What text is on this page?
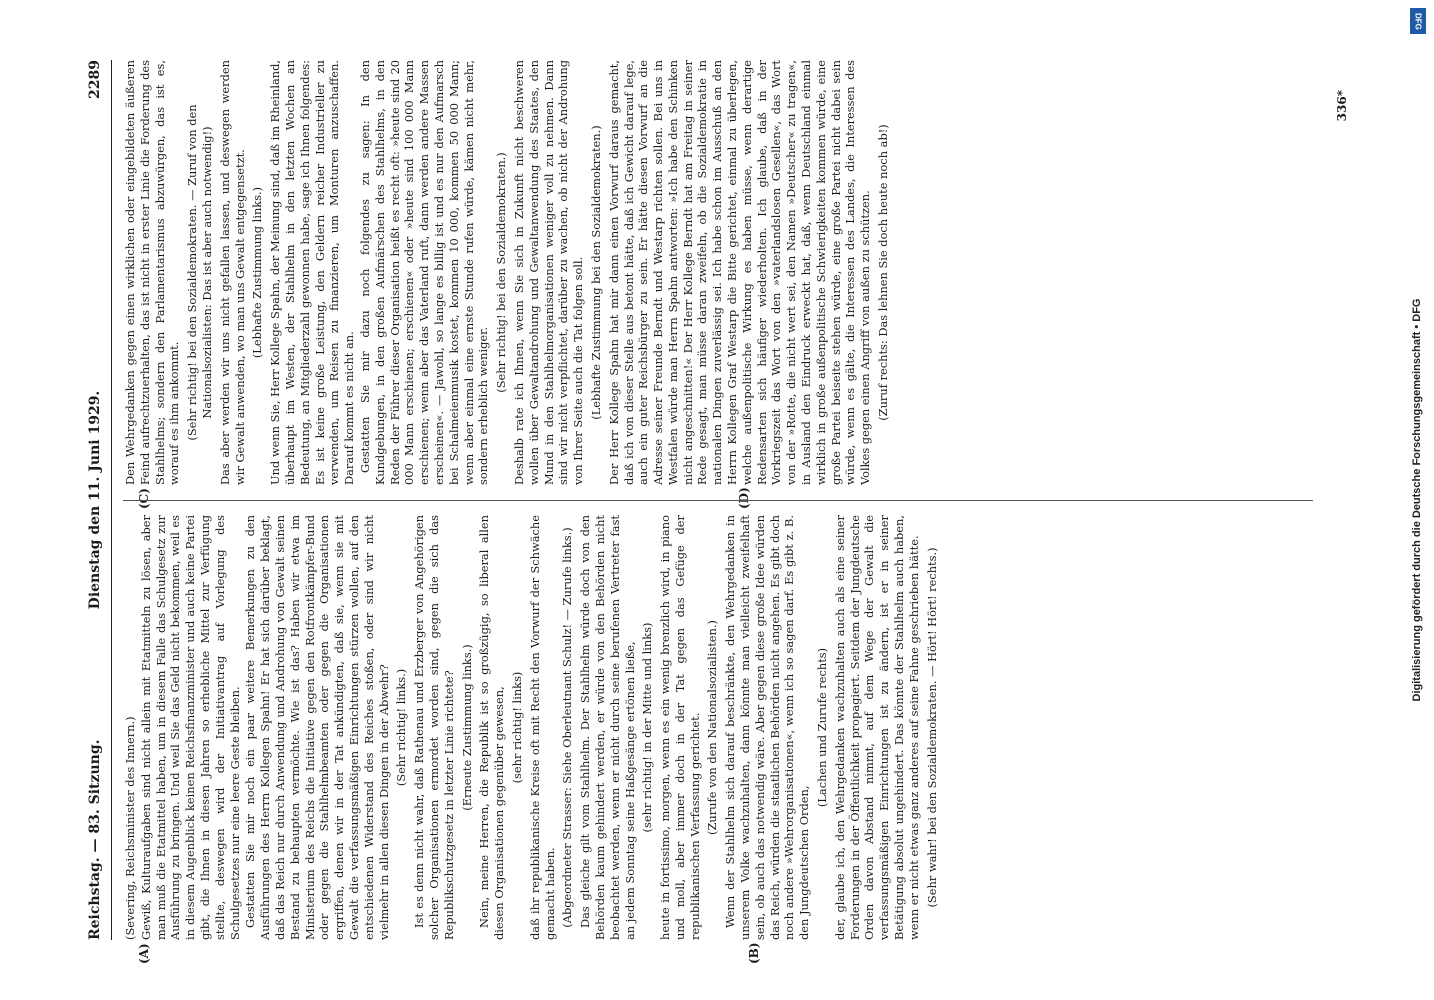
Reichstag. — 83. Sitzung.
Dienstag den 11. Juni 1929.
2289
(A)	(B)
(C)	(D)

(Severing, Reichsminister des Innern.) Gewiß, Kulturaufgaben sind nicht allein mit Etatmitteln zu lösen, aber man muß die Etatmittel haben, um in diesem Falle das Schulgesetz zur Ausführung zu bringen. Und weil Sie das Geld nicht bekommen, weil es in diesem Augenblick keinen Reichsfinanzminister und auch keine Partei gibt, die Ihnen in diesen Jahren so erhebliche Mittel zur Verfügung stellte, deswegen wird der Initiativantrag auf Vorlegung des Schulgesetzes nur eine leere Geste bleiben. Gestatten Sie mir noch ein paar weitere Bemerkungen zu den Ausführungen des Herrn Kollegen Spahn! Er hat sich darüber beklagt, daß das Reich nur durch Anwendung und Androhung von Gewalt seinen Bestand zu behaupten vermöchte. Wie ist das? Haben wir etwa im Ministerium des Reichs die Initiative gegen den Rotfrontkämpfer-Bund oder gegen die Stahlhelmbeamten oder gegen die Organisationen ergriffen, denen wir in der Tat ankündigten, daß sie, wenn sie mit Gewalt die verfassungsmäßigen Einrichtungen stürzen wollen, auf den entschiedenen Widerstand des Reiches stoßen, oder sind wir nicht vielmehr in allen diesen Dingen in der Abwehr? (Sehr richtig! links.) Ist es denn nicht wahr, daß Rathenau und Erzberger von Angehörigen solcher Organisationen ermordet worden sind, gegen die sich das Republikschutzgesetz in letzter Linie richtete? (Erneute Zustimmung links.) Nein, meine Herren, die Republik ist so großzügig, so liberal allen diesen Organisationen gegenüber gewesen, (sehr richtig! links) daß ihr republikanische Kreise oft mit Recht den Vorwurf der Schwäche gemacht haben. (Abgeordneter Strasser: Siehe Oberleutnant Schulz! — Zurufe links.) Das gleiche gilt vom Stahlhelm. Der Stahlhelm würde doch von den Behörden kaum gehindert werden, er würde von den Behörden nicht beobachtet werden, wenn er nicht durch seine berufenen Vertreter fast an jedem Sonntag seine Haßgesänge ertönen ließe, (sehr richtig! in der Mitte und links) heute in fortissimo, morgen, wenn es ein wenig brenzlich wird, in piano und moll, aber immer doch in der Tat gegen das Gefüge der republikanischen Verfassung gerichtet. (Zurufe von den Nationalsozialisten.) Wenn der Stahlhelm sich darauf beschränkte, den Wehrgedanken in unserem Volke wachzuhalten, dann könnte man vielleicht zweifelhaft sein, ob auch das notwendig wäre. Aber gegen diese große Idee würden das Reich, würden die staatlichen Behörden nicht angehen. Es gibt doch noch andere »Wehrorganisationen«, wenn ich so sagen darf. Es gibt z. B. den Jungdeutschen Orden,

(Lachen und Zurufe rechts) der, glaube ich, den Wehrgedanken wachzuhalten auch als eine seiner Forderungen in der Öffentlichkeit propagiert. Seitdem der Jungdeutsche Orden davon Abstand nimmt, auf dem Wege der Gewalt die verfassungsmäßigen Einrichtungen ist zu ändern, ist er in seiner Betätigung absolut ungehindert. Das könnte der Stahlhelm auch haben, wenn er nicht etwas ganz anderes auf seine Fahne geschrieben hätte. (Sehr wahr! bei den Sozialdemokraten. — Hört! Hört! rechts.)

Den Wehrgedanken gegen einen wirklichen oder eingebildeten äußeren Feind aufrechtzuerhalten, das ist nicht in erster Linie die Forderung des Stahlhelms; sondern den Parlamentarismus abzuwürgen, das ist es, worauf es ihm ankommt. (Sehr richtig! bei den Sozialdemokraten. — Zuruf von den Nationalsozialisten: Das ist aber auch notwendig!) Das aber werden wir uns nicht gefallen lassen, und deswegen werden wir Gewalt anwenden, wo man uns Gewalt entgegensetzt. (Lebhafte Zustimmung links.) Und wenn Sie, Herr Kollege Spahn, der Meinung sind, daß im Rheinland, überhaupt im Westen, der Stahlhelm in den letzten Wochen an Bedeutung, an Mitgliederzahl gewonnen habe, sage ich Ihnen folgendes: Es ist keine große Leistung, den Geldern reicher Industrieller zu verwenden, um Reisen zu finanzieren, um Monturen anzuschaffen. Darauf kommt es nicht an. Gestatten Sie mir dazu noch folgendes zu sagen: In den Kundgebungen, in den großen Aufmärschen des Stahlhelms, in den Reden der Führer dieser Organisation heißt es recht oft: »heute sind 20 000 Mann erschienen; erschienen« oder »heute sind 100 000 Mann erschienen; wenn aber das Vaterland ruft, dann werden andere Massen erscheinen«. — Jawohl, so lange es billig ist und es nur den Aufmarsch bei Schalmeienmusik kostet, kommen 10 000, kommen 50 000 Mann; wenn aber einmal eine ernste Stunde rufen würde, kämen nicht mehr, sondern erheblich weniger.

(Sehr richtig! bei den Sozialdemokraten.) Deshalb rate ich Ihnen, wenn Sie sich in Zukunft nicht beschweren wollen über Gewaltandrohung und Gewaltanwendung des Staates, den Mund in den Stahlhelmorganisationen weniger voll zu nehmen. Dann sind wir nicht verpflichtet, darüber zu wachen, ob nicht der Androhung von Ihrer Seite auch die Tat folgen soll. (Lebhafte Zustimmung bei den Sozialdemokraten.) Der Herr Kollege Spahn hat mir dann einen Vorwurf daraus gemacht, daß ich von dieser Stelle aus betont hätte, daß ich Gewicht darauf lege, auch ein guter Reichsbürger zu sein. Er hätte diesen Vorwurf an die Adresse seiner Freunde Berndt und Westarp richten sollen. Bei uns in Westfalen würde man Herrn Spahn antworten: »Ich habe den Schinken nicht angeschnitten!« Der Herr Kollege Berndt hat am Freitag in seiner Rede gesagt, man müsse daran zweifeln, ob die Sozialdemokratie in nationalen Dingen zuverlässig sei. Ich habe schon im Ausschuß an den Herrn Kollegen Graf Westarp die Bitte gerichtet, einmal zu überlegen, welche außenpolitische Wirkung es haben müsse, wenn derartige Redensarten sich häufiger wiederholten. Ich glaube, daß in der Vorkriegszeit das Wort von den »vaterlandslosen Gesellen«, das Wort von der »Rotte, die nicht wert sei, den Namen »Deutscher« zu tragen«, in Ausland den Eindruck erweckt hat, daß, wenn Deutschland einmal wirklich in große außenpolitische Schwierigkeiten kommen würde, eine große Partei beiseite stehen würde, eine große Partei nicht dabei sein würde, wenn es gälte, die Interessen des Landes, die Interessen des Volkes gegen einen Angriff von außen zu schützen. (Zuruf rechts: Das lehnen Sie doch heute noch ab!)

336*
Digitalisierung gefördert durch die Deutsche Forschungsgemeinschaft • DFG
DFG
